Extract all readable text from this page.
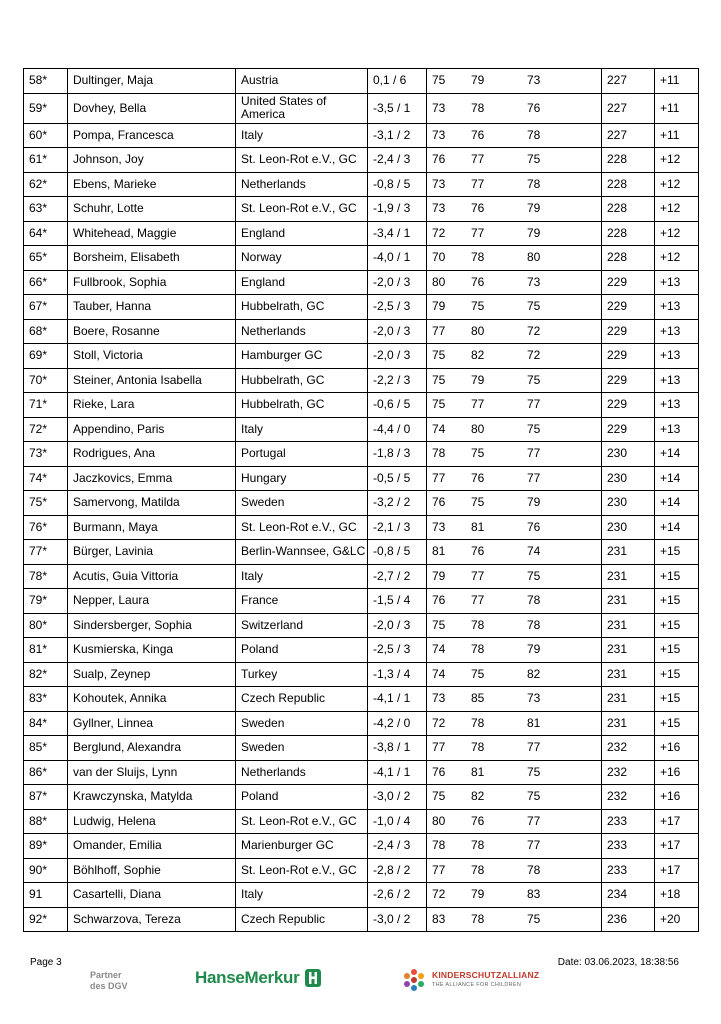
58*	Dultinger, Maja	Austria	0,1 / 6	75	79	73	227	+11
59*	Dovhey, Bella	United States of America	-3,5 / 1	73	78	76	227	+11
60*	Pompa, Francesca	Italy	-3,1 / 2	73	76	78	227	+11
61*	Johnson, Joy	St. Leon-Rot e.V., GC	-2,4 / 3	76	77	75	228	+12
62*	Ebens, Marieke	Netherlands	-0,8 / 5	73	77	78	228	+12
63*	Schuhr, Lotte	St. Leon-Rot e.V., GC	-1,9 / 3	73	76	79	228	+12
64*	Whitehead, Maggie	England	-3,4 / 1	72	77	79	228	+12
65*	Borsheim, Elisabeth	Norway	-4,0 / 1	70	78	80	228	+12
66*	Fullbrook, Sophia	England	-2,0 / 3	80	76	73	229	+13
67*	Tauber, Hanna	Hubbelrath, GC	-2,5 / 3	79	75	75	229	+13
68*	Boere, Rosanne	Netherlands	-2,0 / 3	77	80	72	229	+13
69*	Stoll, Victoria	Hamburger GC	-2,0 / 3	75	82	72	229	+13
70*	Steiner, Antonia Isabella	Hubbelrath, GC	-2,2 / 3	75	79	75	229	+13
71*	Rieke, Lara	Hubbelrath, GC	-0,6 / 5	75	77	77	229	+13
72*	Appendino, Paris	Italy	-4,4 / 0	74	80	75	229	+13
73*	Rodrigues, Ana	Portugal	-1,8 / 3	78	75	77	230	+14
74*	Jaczkovics, Emma	Hungary	-0,5 / 5	77	76	77	230	+14
75*	Samervong, Matilda	Sweden	-3,2 / 2	76	75	79	230	+14
76*	Burmann, Maya	St. Leon-Rot e.V., GC	-2,1 / 3	73	81	76	230	+14
77*	Bürger, Lavinia	Berlin-Wannsee, G&LC	-0,8 / 5	81	76	74	231	+15
78*	Acutis, Guia Vittoria	Italy	-2,7 / 2	79	77	75	231	+15
79*	Nepper, Laura	France	-1,5 / 4	76	77	78	231	+15
80*	Sindersberger, Sophia	Switzerland	-2,0 / 3	75	78	78	231	+15
81*	Kusmierska, Kinga	Poland	-2,5 / 3	74	78	79	231	+15
82*	Sualp, Zeynep	Turkey	-1,3 / 4	74	75	82	231	+15
83*	Kohoutek, Annika	Czech Republic	-4,1 / 1	73	85	73	231	+15
84*	Gyllner, Linnea	Sweden	-4,2 / 0	72	78	81	231	+15
85*	Berglund, Alexandra	Sweden	-3,8 / 1	77	78	77	232	+16
86*	van der Sluijs, Lynn	Netherlands	-4,1 / 1	76	81	75	232	+16
87*	Krawczynska, Matylda	Poland	-3,0 / 2	75	82	75	232	+16
88*	Ludwig, Helena	St. Leon-Rot e.V., GC	-1,0 / 4	80	76	77	233	+17
89*	Omander, Emilia	Marienburger GC	-2,4 / 3	78	78	77	233	+17
90*	Böhlhoff, Sophie	St. Leon-Rot e.V., GC	-2,8 / 2	77	78	78	233	+17
91	Casartelli, Diana	Italy	-2,6 / 2	72	79	83	234	+18
92*	Schwarzova, Tereza	Czech Republic	-3,0 / 2	83	78	75	236	+20
Page 3	Date: 03.06.2023, 18:38:56
Partner
des DGV	HanseMerkur	KINDERSCHUTZALLIANZ
THE ALLIANCE FOR CHILDREN
